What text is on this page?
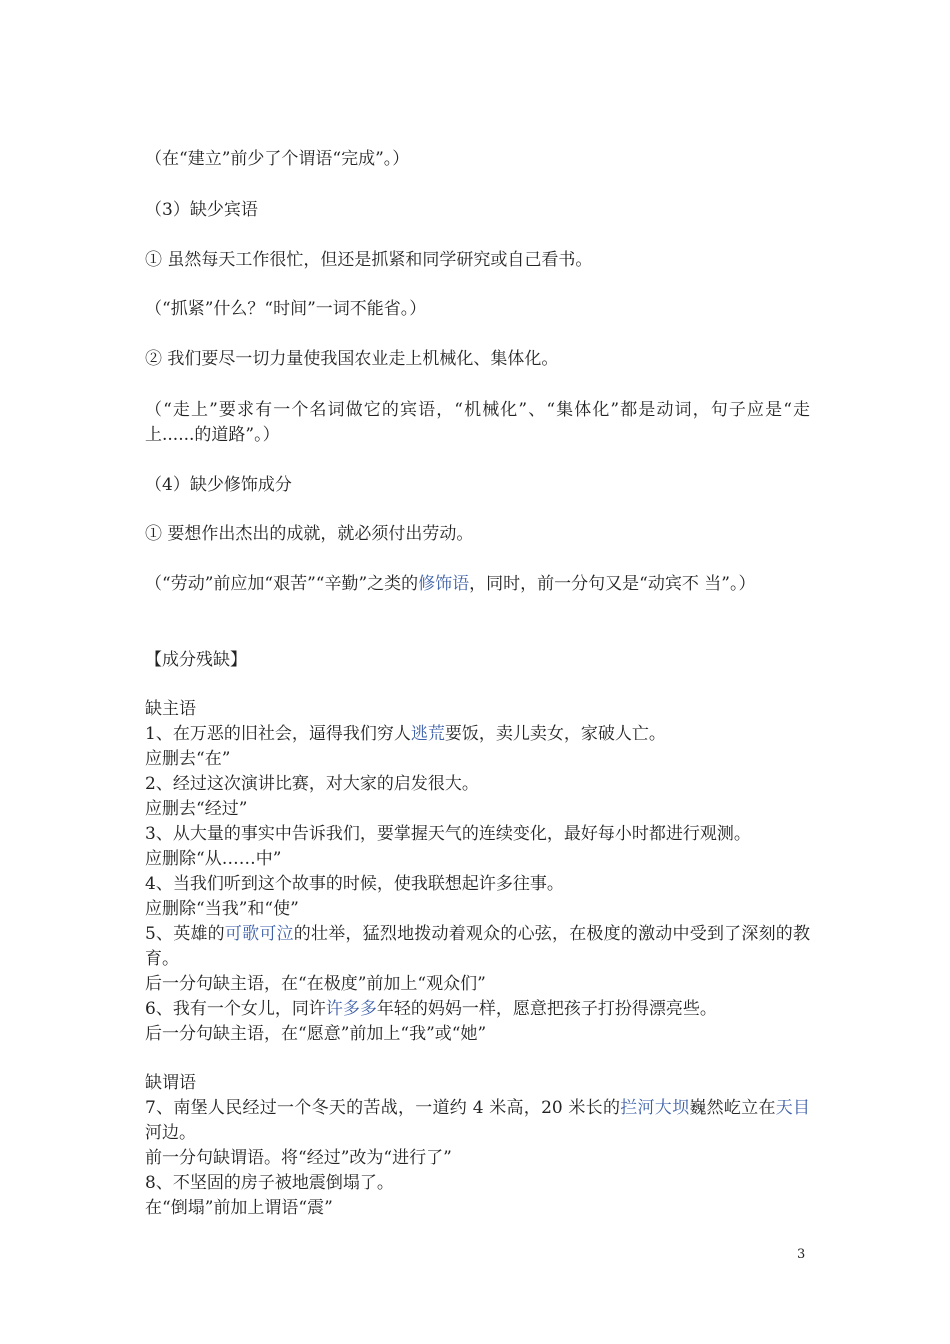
（在“建立”前少了个谓语“完成”。）

（3）缺少宾语

① 虽然每天工作很忙，但还是抓紧和同学研究或自己看书。

（“抓紧”什么？“时间”一词不能省。）

② 我们要尽一切力量使我国农业走上机械化、集体化。

（“走上”要求有一个名词做它的宾语，“机械化”、“集体化”都是动词，句子应是“走上......的道路”。）

（4）缺少修饰成分

① 要想作出杰出的成就，就必须付出劳动。

（“劳动”前应加“艰苦”“辛勤”之类的修饰语，同时，前一分句又是“动宾不 当”。）

【成分残缺】

缺主语

1、在万恶的旧社会，逼得我们穷人逃荒要饭，卖儿卖女，家破人亡。

应删去“在”

2、经过这次演讲比赛，对大家的启发很大。

应删去“经过”

3、从大量的事实中告诉我们，要掌握天气的连续变化，最好每小时都进行观测。

应删除“从……中”

4、当我们听到这个故事的时候，使我联想起许多往事。

应删除“当我”和“使”

5、英雄的可歌可泣的壮举，猛烈地拨动着观众的心弦，在极度的激动中受到了深刻的教育。

后一分句缺主语，在“在极度”前加上“观众们”

6、我有一个女儿，同许许多多年轻的妈妈一样，愿意把孩子打扮得漂亮些。

后一分句缺主语，在“愿意”前加上“我”或“她”

缺谓语

7、南堡人民经过一个冬天的苦战，一道约 4 米高，20 米长的拦河大坝巍然屹立在天目河边。

前一分句缺谓语。将“经过”改为“进行了”

8、不坚固的房子被地震倒塌了。

在“倒塌”前加上谓语“震”

3
